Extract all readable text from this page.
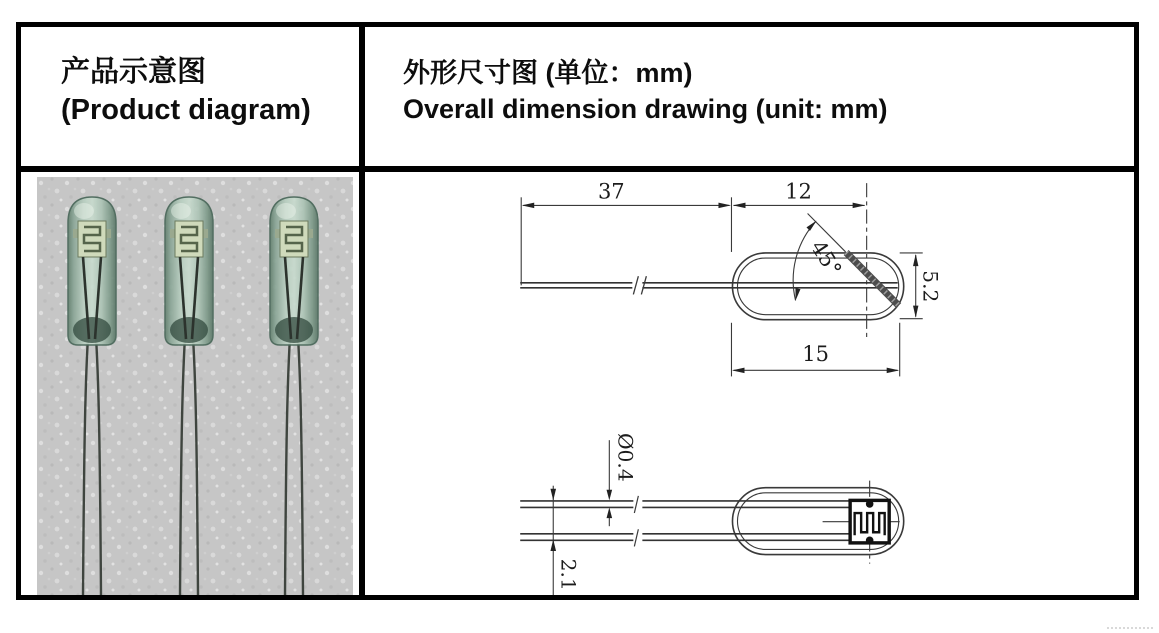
产品示意图
(Product diagram)
外形尺寸图 (单位：mm)
Overall dimension drawing (unit: mm)
37	12
45°
5.2
15
Ø0.4
2.1
